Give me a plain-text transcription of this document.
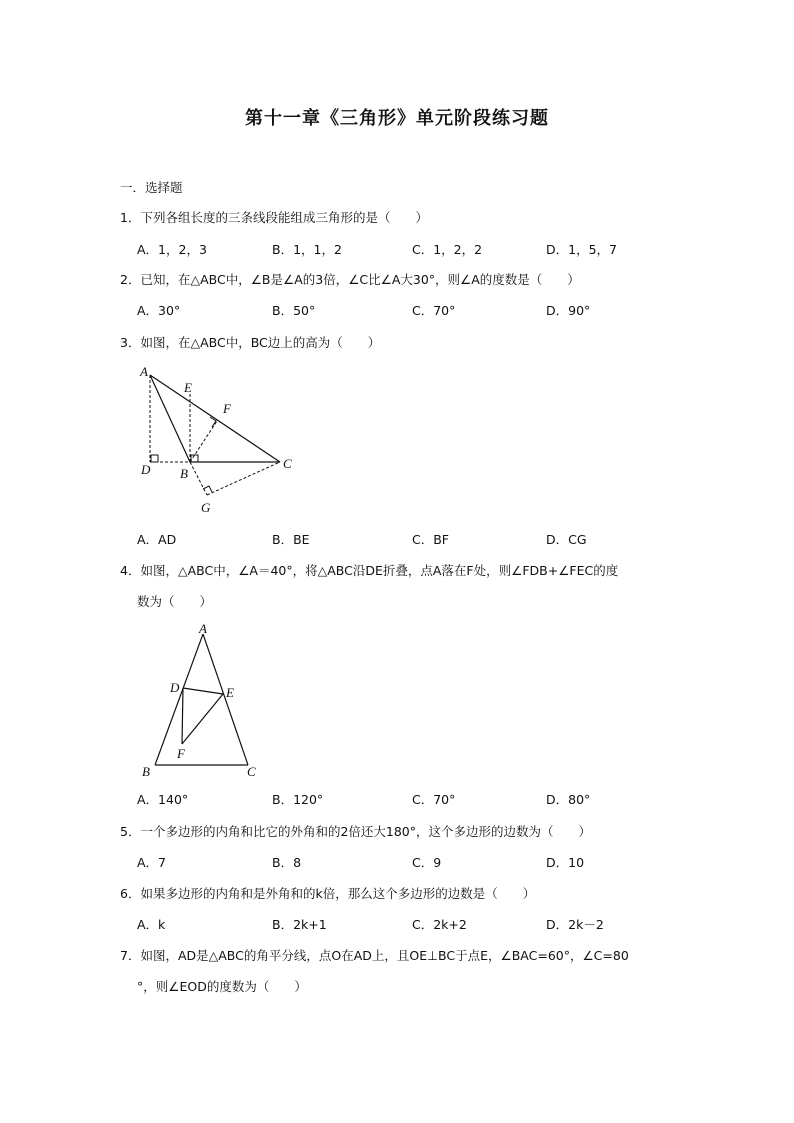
第十一章《三角形》单元阶段练习题
一．选择题
1．下列各组长度的三条线段能组成三角形的是（　　）
A．1，2，3	B．1，1，2	C．1，2，2	D．1，5，7
2．已知，在△ABC中，∠B是∠A的3倍，∠C比∠A大30°，则∠A的度数是（　　）
A．30°	B．50°	C．70°	D．90°
3．如图，在△ABC中，BC边上的高为（　　）
A
E
F
D B
C
G
A．AD	B．BE	C．BF	D．CG
4．如图，△ABC中，∠A＝40°，将△ABC沿DE折叠，点A落在F处，则∠FDB+∠FEC的度
数为（　　）
A
D	E
F
B	C
A．140°	B．120°	C．70°	D．80°
5．一个多边形的内角和比它的外角和的2倍还大180°，这个多边形的边数为（　　）
A．7	B．8	C．9	D．10
6．如果多边形的内角和是外角和的k倍，那么这个多边形的边数是（　　）
A．k	B．2k+1	C．2k+2	D．2k－2
7．如图，AD是△ABC的角平分线，点O在AD上，且OE⊥BC于点E，∠BAC=60°，∠C=80
°，则∠EOD的度数为（　　）
